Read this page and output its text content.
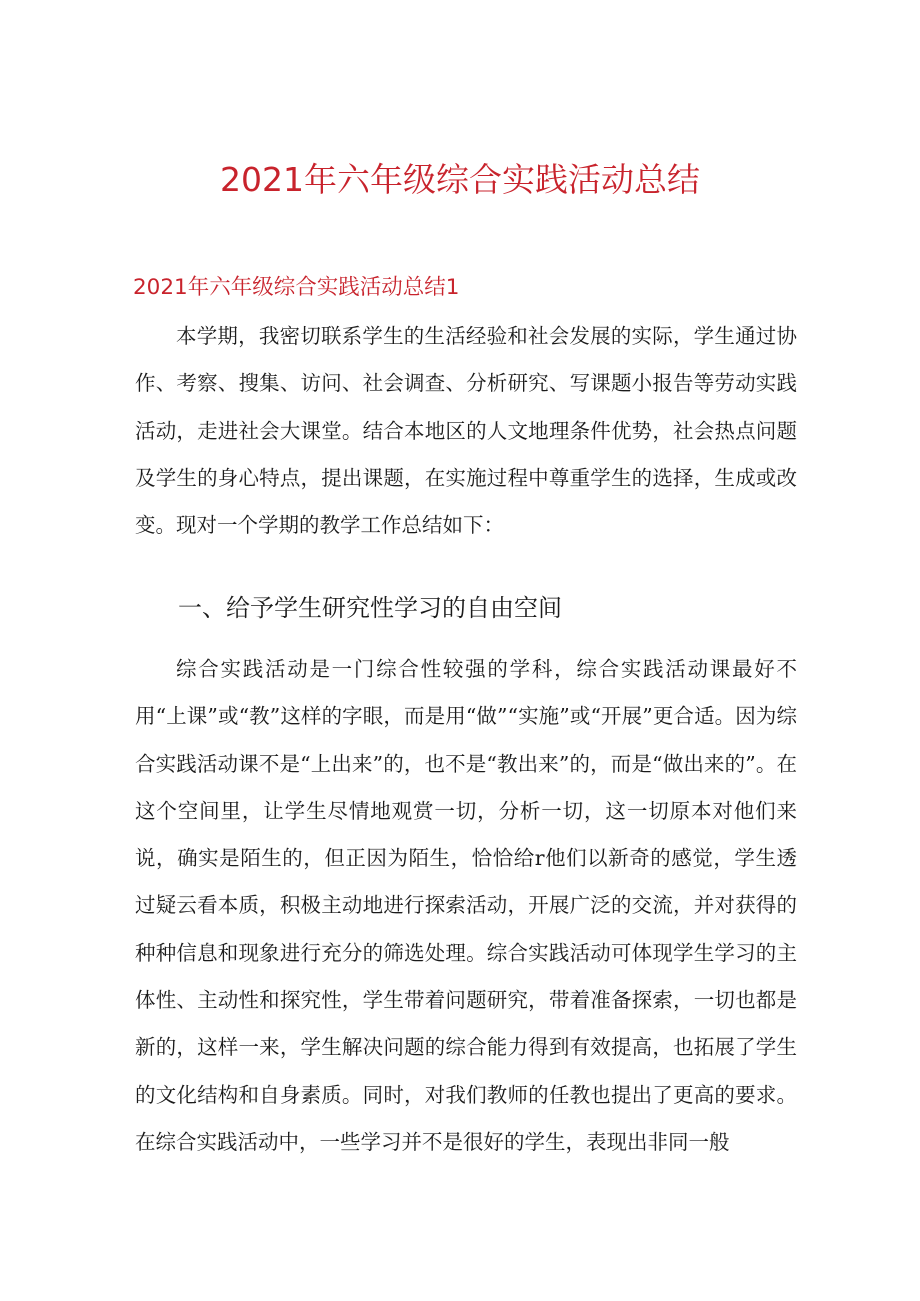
2021年六年级综合实践活动总结
2021年六年级综合实践活动总结1

本学期，我密切联系学生的生活经验和社会发展的实际，学生通过协作、考察、搜集、访问、社会调查、分析研究、写课题小报告等劳动实践活动，走进社会大课堂。结合本地区的人文地理条件优势，社会热点问题及学生的身心特点，提出课题，在实施过程中尊重学生的选择，生成或改变。现对一个学期的教学工作总结如下：

一、给予学生研究性学习的自由空间

综合实践活动是一门综合性较强的学科，综合实践活动课最好不用“上课”或“教”这样的字眼，而是用“做”“实施”或“开展”更合适。因为综合实践活动课不是“上出来”的，也不是“教出来”的，而是“做出来的”。在这个空间里，让学生尽情地观赏一切，分析一切，这一切原本对他们来说，确实是陌生的，但正因为陌生，恰恰给r他们以新奇的感觉，学生透过疑云看本质，积极主动地进行探索活动，开展广泛的交流，并对获得的种种信息和现象进行充分的筛选处理。综合实践活动可体现学生学习的主体性、主动性和探究性，学生带着问题研究，带着准备探索，一切也都是新的，这样一来，学生解决问题的综合能力得到有效提高，也拓展了学生的文化结构和自身素质。同时，对我们教师的任教也提出了更高的要求。在综合实践活动中，一些学习并不是很好的学生，表现出非同一般
